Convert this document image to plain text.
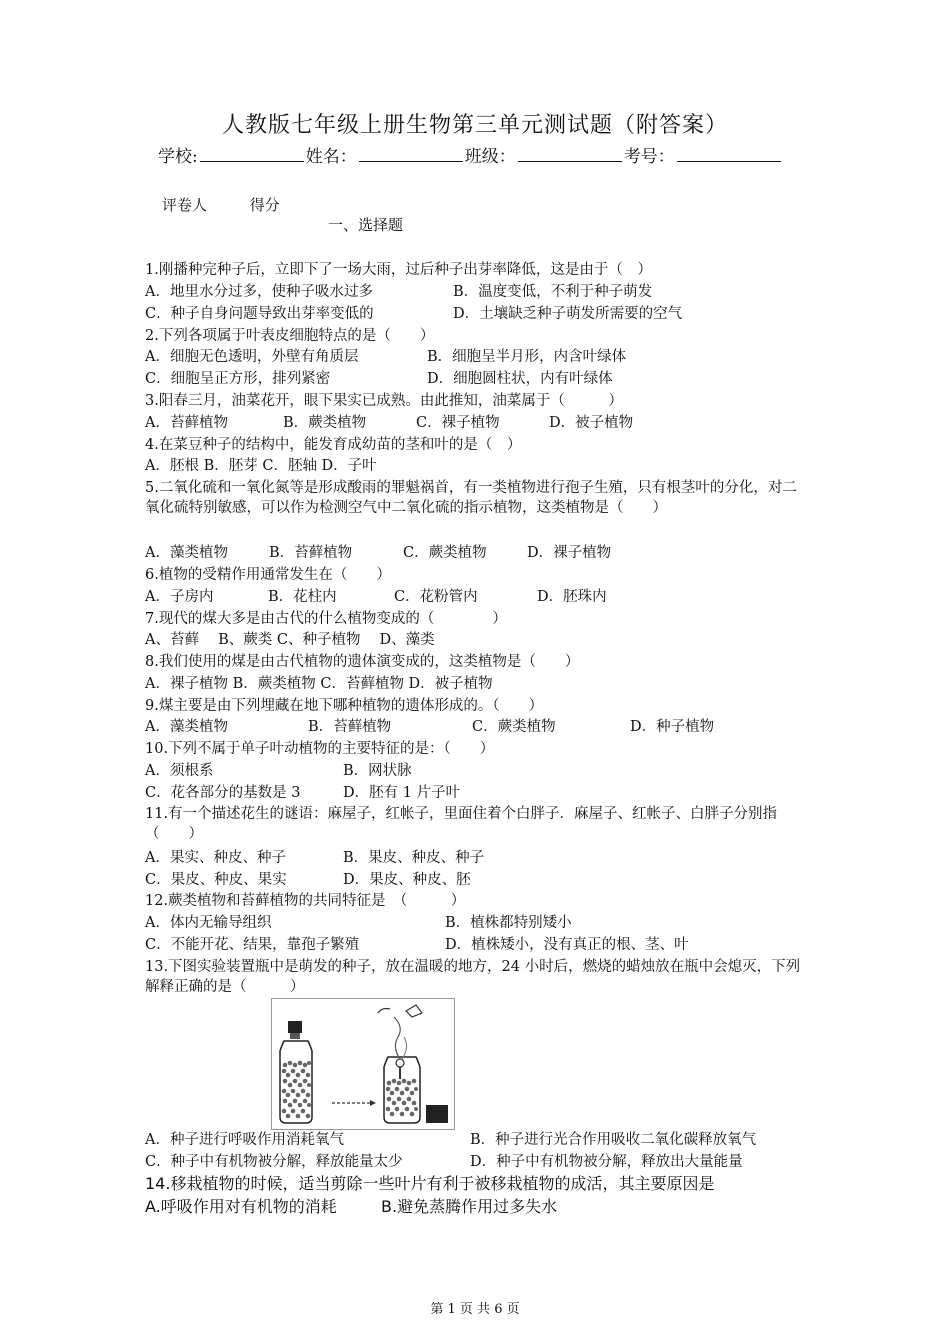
人教版七年级上册生物第三单元测试题（附答案）
学校:	姓名：	班级：	考号：
评卷人	得分
一、选择题
1.刚播种完种子后，立即下了一场大雨，过后种子出芽率降低，这是由于（　）
A．地里水分过多，使种子吸水过多	B．温度变低，不利于种子萌发
C．种子自身问题导致出芽率变低的	D．土壤缺乏种子萌发所需要的空气
2.下列各项属于叶表皮细胞特点的是（　　）
A．细胞无色透明，外壁有角质层	B．细胞呈半月形，内含叶绿体
C．细胞呈正方形，排列紧密	D．细胞圆柱状，内有叶绿体
3.阳春三月，油菜花开，眼下果实已成熟。由此推知，油菜属于（　　　）
A．苔藓植物	B．蕨类植物	C．裸子植物	D．被子植物
4.在菜豆种子的结构中，能发育成幼苗的茎和叶的是（　）
A．胚根 B．胚芽 C．胚轴 D．子叶
5.二氧化硫和一氧化氮等是形成酸雨的罪魁祸首，有一类植物进行孢子生殖，只有根茎叶的分化，对二氧化硫特别敏感，可以作为检测空气中二氧化硫的指示植物，这类植物是（　　）
A．藻类植物	B．苔藓植物	C．蕨类植物	D．裸子植物
6.植物的受精作用通常发生在（　　）
A．子房内	B．花柱内	C．花粉管内	D．胚珠内
7.现代的煤大多是由古代的什么植物变成的（　　　　）
A、苔藓　 B、蕨类 C、种子植物　 D、藻类
8.我们使用的煤是由古代植物的遗体演变成的，这类植物是（　　）
A．裸子植物 B．蕨类植物 C．苔藓植物 D．被子植物
9.煤主要是由下列埋藏在地下哪种植物的遗体形成的。（　　）
A．藻类植物	B．苔藓植物	C．蕨类植物	D．种子植物
10.下列不属于单子叶动植物的主要特征的是：（　　）
A．须根系	B．网状脉
C．花各部分的基数是 3	D．胚有 1 片子叶
11.有一个描述花生的谜语：麻屋子，红帐子，里面住着个白胖子．麻屋子、红帐子、白胖子分别指（　　）
A．果实、种皮、种子	B．果皮、种皮、种子
C．果皮、种皮、果实	D．果皮、种皮、胚
12.蕨类植物和苔藓植物的共同特征是　（　　　）
A．体内无输导组织	B．植株都特别矮小
C．不能开花、结果，靠孢子繁殖	D．植株矮小，没有真正的根、茎、叶
13.下图实验装置瓶中是萌发的种子，放在温暖的地方，24 小时后，燃烧的蜡烛放在瓶中会熄灭，下列解释正确的是（　　　）
A．种子进行呼吸作用消耗氧气	B．种子进行光合作用吸收二氧化碳释放氧气
C．种子中有机物被分解，释放能量太少	D．种子中有机物被分解，释放出大量能量
14.移栽植物的时候，适当剪除一些叶片有利于被移栽植物的成活，其主要原因是
A.呼吸作用对有机物的消耗	B.避免蒸腾作用过多失水
第 1 页 共 6 页
